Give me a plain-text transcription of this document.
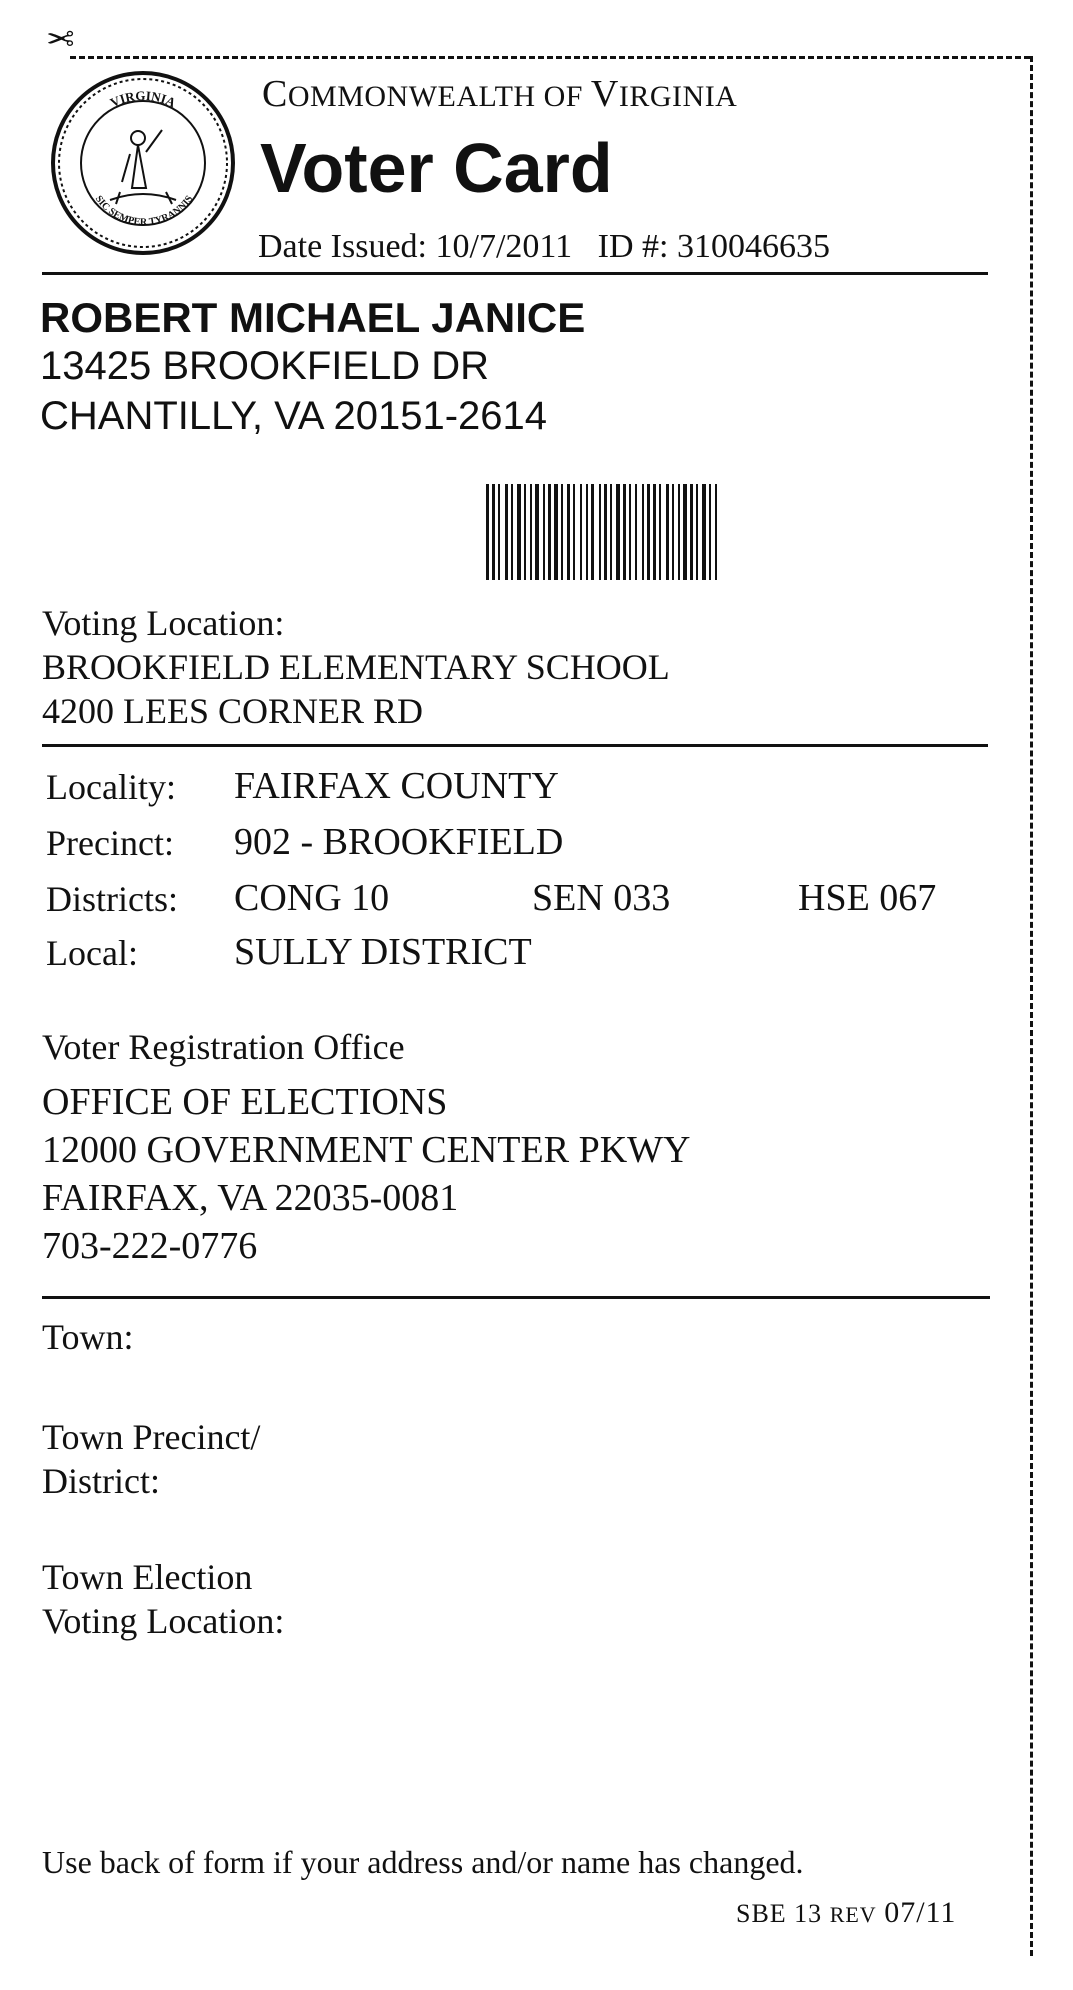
✂
VIRGINIA
SIC SEMPER TYRANNIS
COMMONWEALTH OF VIRGINIA
Voter Card
Date Issued: 10/7/2011 ID #: 310046635
ROBERT MICHAEL JANICE
13425 BROOKFIELD DR
CHANTILLY, VA 20151-2614
Voting Location:
BROOKFIELD ELEMENTARY SCHOOL
4200 LEES CORNER RD
Locality: FAIRFAX COUNTY
Precinct: 902 - BROOKFIELD
Districts: CONG 10	SEN 033	HSE 067
Local:	SULLY DISTRICT
Voter Registration Office
OFFICE OF ELECTIONS
12000 GOVERNMENT CENTER PKWY
FAIRFAX, VA 22035-0081
703-222-0776
Town:
Town Precinct/
District:
Town Election
Voting Location:
Use back of form if your address and/or name has changed.
SBE 13 REV 07/11
